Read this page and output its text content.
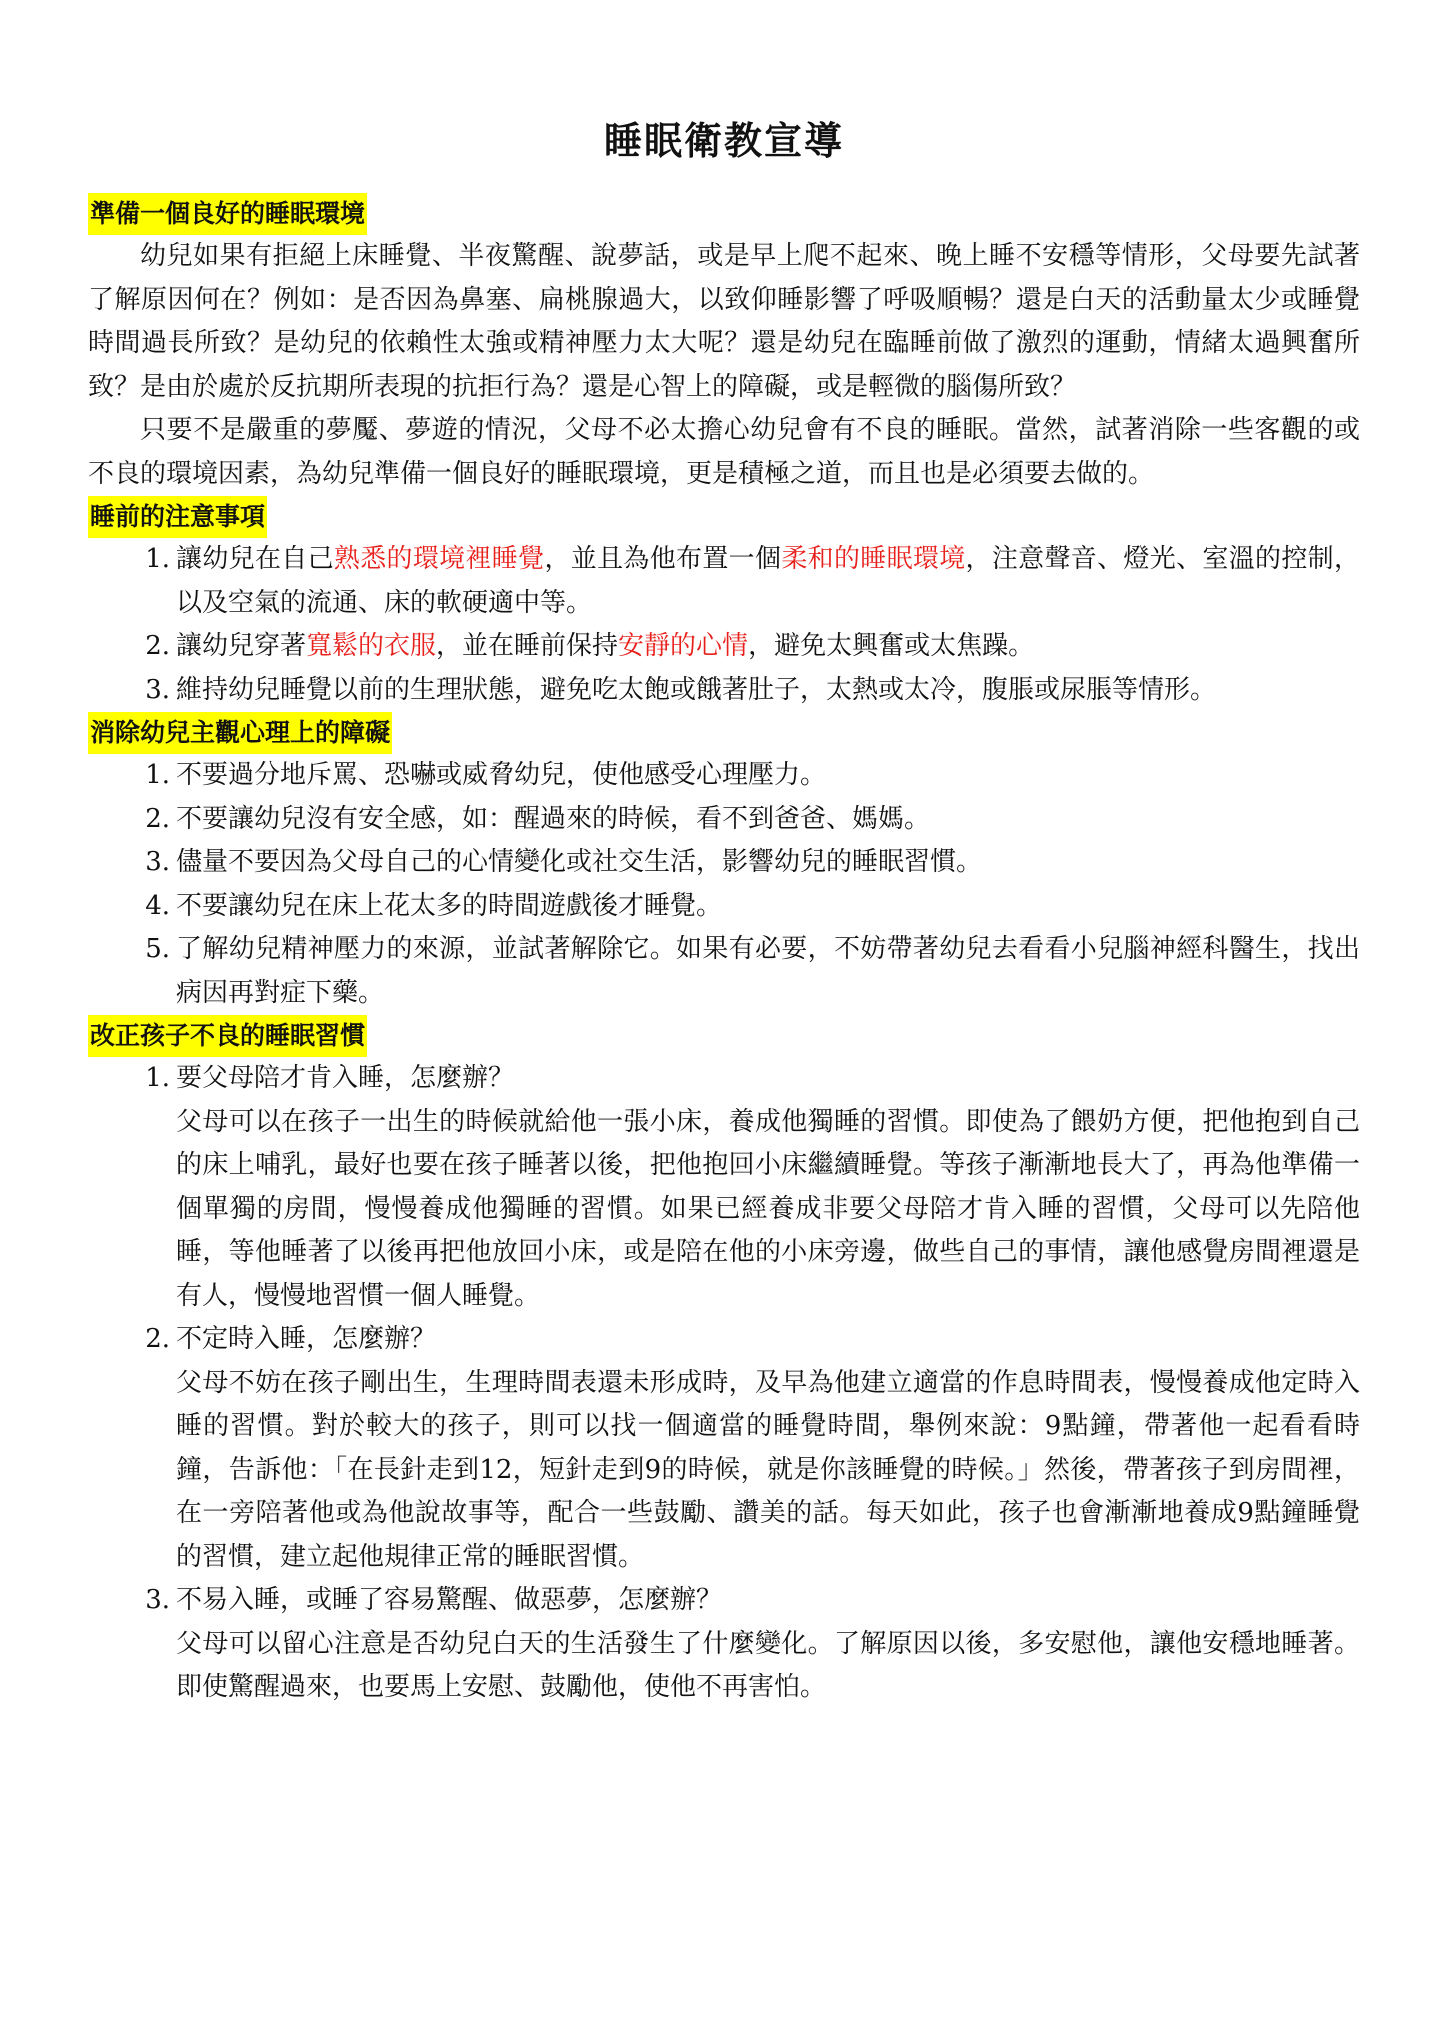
睡眠衛教宣導
準備一個良好的睡眠環境

幼兒如果有拒絕上床睡覺、半夜驚醒、說夢話，或是早上爬不起來、晚上睡不安穩等情形，父母要先試著了解原因何在？例如：是否因為鼻塞、扁桃腺過大，以致仰睡影響了呼吸順暢？還是白天的活動量太少或睡覺時間過長所致？是幼兒的依賴性太強或精神壓力太大呢？還是幼兒在臨睡前做了激烈的運動，情緒太過興奮所致？是由於處於反抗期所表現的抗拒行為？還是心智上的障礙，或是輕微的腦傷所致？

只要不是嚴重的夢魘、夢遊的情況，父母不必太擔心幼兒會有不良的睡眠。當然，試著消除一些客觀的或不良的環境因素，為幼兒準備一個良好的睡眠環境，更是積極之道，而且也是必須要去做的。

睡前的注意事項
1. 讓幼兒在自己熟悉的環境裡睡覺，並且為他布置一個柔和的睡眠環境，注意聲音、燈光、室溫的控制，以及空氣的流通、床的軟硬適中等。
2. 讓幼兒穿著寬鬆的衣服，並在睡前保持安靜的心情，避免太興奮或太焦躁。
3. 維持幼兒睡覺以前的生理狀態，避免吃太飽或餓著肚子，太熱或太冷，腹脹或尿脹等情形。
消除幼兒主觀心理上的障礙
1. 不要過分地斥罵、恐嚇或威脅幼兒，使他感受心理壓力。
2. 不要讓幼兒沒有安全感，如：醒過來的時候，看不到爸爸、媽媽。
3. 儘量不要因為父母自己的心情變化或社交生活，影響幼兒的睡眠習慣。
4. 不要讓幼兒在床上花太多的時間遊戲後才睡覺。
5. 了解幼兒精神壓力的來源，並試著解除它。如果有必要，不妨帶著幼兒去看看小兒腦神經科醫生，找出病因再對症下藥。
改正孩子不良的睡眠習慣
1. 要父母陪才肯入睡，怎麼辦？

父母可以在孩子一出生的時候就給他一張小床，養成他獨睡的習慣。即使為了餵奶方便，把他抱到自己的床上哺乳，最好也要在孩子睡著以後，把他抱回小床繼續睡覺。等孩子漸漸地長大了，再為他準備一個單獨的房間，慢慢養成他獨睡的習慣。如果已經養成非要父母陪才肯入睡的習慣，父母可以先陪他睡，等他睡著了以後再把他放回小床，或是陪在他的小床旁邊，做些自己的事情，讓他感覺房間裡還是有人，慢慢地習慣一個人睡覺。

2. 不定時入睡，怎麼辦？

父母不妨在孩子剛出生，生理時間表還未形成時，及早為他建立適當的作息時間表，慢慢養成他定時入睡的習慣。對於較大的孩子，則可以找一個適當的睡覺時間，舉例來說：9點鐘，帶著他一起看看時鐘，告訴他：「在長針走到12，短針走到9的時候，就是你該睡覺的時候。」然後，帶著孩子到房間裡，在一旁陪著他或為他說故事等，配合一些鼓勵、讚美的話。每天如此，孩子也會漸漸地養成9點鐘睡覺的習慣，建立起他規律正常的睡眠習慣。

3. 不易入睡，或睡了容易驚醒、做惡夢，怎麼辦？

父母可以留心注意是否幼兒白天的生活發生了什麼變化。了解原因以後，多安慰他，讓他安穩地睡著。即使驚醒過來，也要馬上安慰、鼓勵他，使他不再害怕。
